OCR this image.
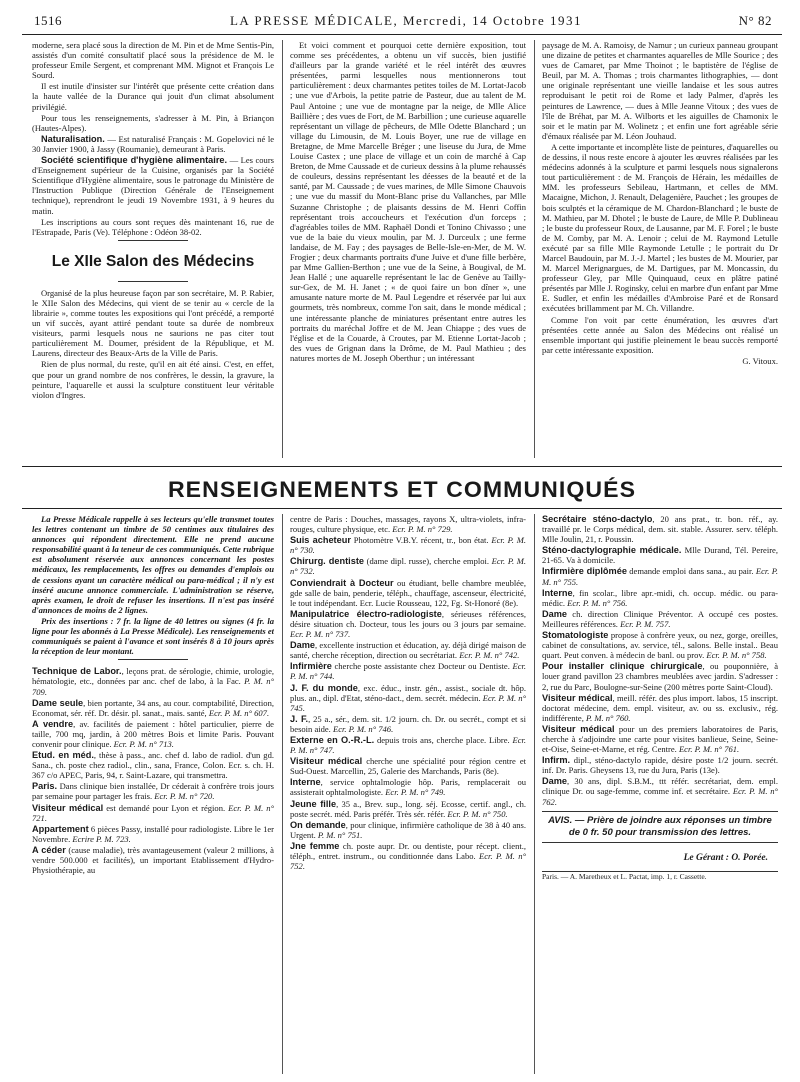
1516	LA PRESSE MÉDICALE, Mercredi, 14 Octobre 1931	N° 82

moderne, sera placé sous la direction de M. Pin et de Mme Sentis-Pin, assistés d'un comité consultatif placé sous la présidence de M. le professeur Emile Sergent, et comprenant MM. Mignot et François Le Sourd.

Il est inutile d'insister sur l'intérêt que présente cette création dans la haute vallée de la Durance qui jouit d'un climat absolument privilégié.

Pour tous les renseignements, s'adresser à M. Pin, à Briançon (Hautes-Alpes).

Naturalisation. — Est naturalisé Français : M. Gopelovici né le 30 Janvier 1900, à Jassy (Roumanie), demeurant à Paris.

Société scientifique d'hygiène alimentaire. — Les cours d'Enseignement supérieur de la Cuisine, organisés par la Société Scientifique d'Hygiène alimentaire, sous le patronage du Ministère de l'Instruction Publique (Direction Générale de l'Enseignement technique), reprendront le jeudi 19 Novembre 1931, à 9 heures du matin.

Les inscriptions au cours sont reçues dès maintenant 16, rue de l'Estrapade, Paris (Ve). Téléphone : Odéon 38-02.

Le XIIe Salon des Médecins

Organisé de la plus heureuse façon par son secrétaire, M. P. Rabier, le XIIe Salon des Médecins, qui vient de se tenir au « cercle de la librairie », comme toutes les expositions qui l'ont précédé, a remporté un vif succès, ayant attiré pendant toute sa durée de nombreux visiteurs, parmi lesquels nous ne saurions ne pas citer tout particulièrement M. Doumer, président de la République, et M. Laurens, directeur des Beaux-Arts de la Ville de Paris.

Rien de plus normal, du reste, qu'il en ait été ainsi. C'est, en effet, que pour un grand nombre de nos confrères, le dessin, la gravure, la peinture, l'aquarelle et aussi la sculpture constituent leur véritable violon d'Ingres.

Et voici comment et pourquoi cette dernière exposition, tout comme ses précédentes, a obtenu un vif succès, bien justifié d'ailleurs par la grande variété et le réel intérêt des œuvres présentées, parmi lesquelles nous mentionnerons tout particulièrement : deux charmantes petites toiles de M. Lortat-Jacob ; une vue d'Arbois, la petite patrie de Pasteur, due au talent de M. Paul Antoine ; une vue de montagne par la neige, de Mlle Alice Baillière ; des vues de Fort, de M. Barbillion ; une curieuse aquarelle représentant un village de pêcheurs, de Mlle Odette Blanchard ; un village du Limousin, de M. Louis Boyer, une rue de village en Bretagne, de Mme Marcelle Bréger ; une liseuse du Jura, de Mme Louise Castex ; une place de village et un coin de marché à Cap Breton, de Mme Caussade et de curieux dessins à la plume rehaussés de couleurs, dessins représentant les déesses de la beauté et de la santé, par M. Caussade ; de vues marines, de Mlle Simone Chauvois ; une vue du massif du Mont-Blanc prise du Vallanches, par Mlle Suzanne Christophe ; de plaisants dessins de M. Henri Coffin représentant trois accoucheurs et l'exécution d'un forceps ; d'agréables toiles de MM. Raphaël Dondi et Tonino Chivasso ; une vue de la baie du vieux moulin, par M. J. Durceulx ; une ferme landaise, de M. Fay ; des paysages de Belle-Isle-en-Mer, de M. W. Frogier ; deux charmants portraits d'une Juive et d'une fille berbère, par Mme Gallien-Berthon ; une vue de la Seine, à Bougival, de M. Jean Hallé ; une aquarelle représentant le lac de Genève au Tailly-sur-Gex, de M. H. Janet ; « de quoi faire un bon dîner », une amusante nature morte de M. Paul Legendre et réservée par lui aux gourmets, très nombreux, comme l'on sait, dans le monde médical ; une intéressante planche de miniatures présentant entre autres les portraits du maréchal Joffre et de M. Jean Chiappe ; des vues de l'église et de la Couarde, à Croutes, par M. Etienne Lortat-Jacob ; des vues de Grignan dans la Drôme, de M. Paul Mathieu ; des natures mortes de M. Joseph Oberthur ; un intéressant

paysage de M. A. Ramoisy, de Namur ; un curieux panneau groupant une dizaine de petites et charmantes aquarelles de Mlle Sourice ; des vues de Camaret, par Mme Thoinot ; le baptistère de l'église de Beuil, par M. A. Thomas ; trois charmantes lithographies, — dont une originale représentant une vieille landaise et les sous autres reproduisant le petit roi de Rome et lady Palmer, d'après les peintures de Lawrence, — dues à Mlle Jeanne Vitoux ; des vues de l'île de Bréhat, par M. A. Wilborts et les aiguilles de Chamonix le soir et le matin par M. Wolinetz ; et enfin une fort agréable série d'émaux réalisée par M. Léon Jouhaud.

A cette importante et incomplète liste de peintures, d'aquarelles ou de dessins, il nous reste encore à ajouter les œuvres réalisées par les médecins adonnés à la sculpture et parmi lesquels nous signalerons tout particulièrement : de M. François de Hérain, les médailles de MM. les professeurs Sebileau, Hartmann, et celles de MM. Macaigne, Michon, J. Renault, Delagenière, Pauchet ; les groupes de bois sculptés et la céramique de M. Chardon-Blanchard ; le buste de M. Mathieu, par M. Dhotel ; le buste de Laure, de Mlle P. Dublineau ; le buste du professeur Roux, de Lausanne, par M. F. Forel ; le buste de M. Comby, par M. A. Lenoir ; celui de M. Raymond Letulle exécuté par sa fille Mlle Raymonde Letulle ; le portrait du Dr Marcel Baudouin, par M. J.-J. Martel ; les bustes de M. Mourier, par M. Marcel Merignargues, de M. Dartigues, par M. Moncassin, du professeur Gley, par Mlle Quinquaud, ceux en plâtre patiné présentés par Mlle J. Roginsky, celui en marbre d'un enfant par Mme E. Sudler, et enfin les médailles d'Ambroise Paré et de Ronsard exécutées brillamment par M. Ch. Villandre.

Comme l'on voit par cette énumération, les œuvres d'art présentées cette année au Salon des Médecins ont réalisé un ensemble important qui justifie pleinement le beau succès remporté par cette intéressante exposition.

G. Vitoux.

RENSEIGNEMENTS ET COMMUNIQUÉS

La Presse Médicale rappelle à ses lecteurs qu'elle transmet toutes les lettres contenant un timbre de 50 centimes aux titulaires des annonces qui répondent directement. Elle ne prend aucune responsabilité quant à la teneur de ces communiqués. Cette rubrique est absolument réservée aux annonces concernant les postes médicaux, les remplacements, les offres ou demandes d'emplois ou de cessions ayant un caractère médical ou para-médical ; il n'y est inséré aucune annonce commerciale. L'administration se réserve, après examen, le droit de refuser les insertions. Il n'est pas inséré d'annonces de moins de 2 lignes.

Prix des insertions : 7 fr. la ligne de 40 lettres ou signes (4 fr. la ligne pour les abonnés à La Presse Médicale). Les renseignements et communiqués se paient à l'avance et sont insérés 8 à 10 jours après la réception de leur montant.

Technique de Labor., leçons prat. de sérologie, chimie, urologie, hématologie, etc., données par anc. chef de labo, à la Fac. P. M. n° 709.

Dame seule, bien portante, 34 ans, au cour. comptabilité, Direction, Economat, sér. réf. Dr. désir. pl. sanat., mais. santé, Ecr. P. M. n° 607.

A vendre, av. facilités de paiement : hôtel particulier, pierre de taille, 700 mq, jardin, à 200 mètres Bois et limite Paris. Pouvant convenir pour clinique. Ecr. P. M. n° 713.

Etud. en méd., thèse à pass., anc. chef d. labo de radiol. d'un gd. Sana., ch. poste chez radiol., clin., sana, France, Colon. Ecr. s. ch. H. 367 c/o APEC, Paris, 94, r. Saint-Lazare, qui transmettra.

Paris. Dans clinique bien installée, Dr céderait à confrère trois jours par semaine pour partager les frais. Ecr. P. M. n° 720.

Visiteur médical est demandé pour Lyon et région. Ecr. P. M. n° 721.

Appartement 6 pièces Passy, installé pour radiologiste. Libre le 1er Novembre. Ecrire P. M. 723.

A céder (cause maladie), très avantageusement (valeur 2 millions, à vendre 500.000 et facilités), un important Etablissement d'Hydro-Physiothérapie, au

centre de Paris : Douches, massages, rayons X, ultra-violets, infra-rouges, culture physique, etc. Ecr. P. M. n° 729.

Suis acheteur Photomètre V.B.Y. récent, tr., bon état. Ecr. P. M. n° 730.

Chirurg. dentiste (dame dipl. russe), cherche emploi. Ecr. P. M. n° 732.

Conviendrait à Docteur ou étudiant, belle chambre meublée, gde salle de bain, penderie, téléph., chauffage, ascenseur, électricité, le tout indépendant. Ecr. Lucie Rousseau, 122, Fg. St-Honoré (8e).

Manipulatrice électro-radiologiste, sérieuses références, désire situation ch. Docteur, tous les jours ou 3 jours par semaine. Ecr. P. M. n° 737.

Dame, excellente instruction et éducation, ay. déjà dirigé maison de santé, cherche réception, direction ou secrétariat. Ecr. P. M. n° 742.

Infirmière cherche poste assistante chez Docteur ou Dentiste. Ecr. P. M. n° 744.

J. F. du monde, exc. éduc., instr. gén., assist., sociale dt. hôp. plus. an., dipl. d'Etat, sténo-dact., dem. secrét. médecin. Ecr. P. M. n° 745.

J. F., 25 a., sér., dem. sit. 1/2 journ. ch. Dr. ou secrét., compt et si besoin aide. Ecr. P. M. n° 746.

Externe en O.-R.-L. depuis trois ans, cherche place. Libre. Ecr. P. M. n° 747.

Visiteur médical cherche une spécialité pour région centre et Sud-Ouest. Marcellin, 25, Galerie des Marchands, Paris (8e).

Interne, service ophtalmologie hôp. Paris, remplacerait ou assisterait ophtalmologiste. Ecr. P. M. n° 749.

Jeune fille, 35 a., Brev. sup., long. séj. Ecosse, certif. angl., ch. poste secrét. méd. Paris préfér. Très sér. référ. Ecr. P. M. n° 750.

On demande, pour clinique, infirmière catholique de 38 à 40 ans. Urgent. P. M. n° 751.

Jne femme ch. poste aupr. Dr. ou dentiste, pour récept. client., téléph., entret. instrum., ou conditionnée dans Labo. Ecr. P. M. n° 752.

Secrétaire sténo-dactylo, 20 ans prat., tr. bon. réf., ay. travaillé pr. le Corps médical, dem. sit. stable. Assurer. serv. téléph. Mlle Joulin, 21, r. Poussin.

Sténo-dactylographie médicale. Mlle Durand, Tél. Pereire, 21-65. Va à domicile.

Infirmière diplômée demande emploi dans sana., au pair. Ecr. P. M. n° 755.

Interne, fin scolar., libre apr.-midi, ch. occup. médic. ou para-médic. Ecr. P. M. n° 756.

Dame ch. direction Clinique Préventor. A occupé ces postes. Meilleures références. Ecr. P. M. 757.

Stomatologiste propose à confrère yeux, ou nez, gorge, oreilles, cabinet de consultations, av. service, tél., salons. Belle instal.. Beau quart. Peut conven. à médecin de banl. ou prov. Ecr. P. M. n° 758.

Pour installer clinique chirurgicale, ou pouponnière, à louer grand pavillon 23 chambres meublées avec jardin. S'adresser : 2, rue du Parc, Boulogne-sur-Seine (200 mètres porte Saint-Cloud).

Visiteur médical, meill. référ. des plus import. labos, 15 inscript. doctorat médecine, dem. empl. visiteur, av. ou ss. exclusiv., rég. indifférente, P. M. n° 760.

Visiteur médical pour un des premiers laboratoires de Paris, cherche à s'adjoindre une carte pour visites banlieue, Seine, Seine-et-Oise, Seine-et-Marne, et rég. Centre. Ecr. P. M. n° 761.

Infirm. dipl., sténo-dactylo rapide, désire poste 1/2 journ. secrét. inf. Dr. Paris. Gheysens 13, rue du Jura, Paris (13e).

Dame, 30 ans, dipl. S.B.M., ttt référ. secrétariat, dem. empl. clinique Dr. ou sage-femme, comme inf. et secrétaire. Ecr. P. M. n° 762.

AVIS. — Prière de joindre aux réponses un timbre de 0 fr. 50 pour transmission des lettres.
Le Gérant : O. Porée.

Paris. — A. Maretheux et L. Pactat, imp. 1, r. Cassette.
